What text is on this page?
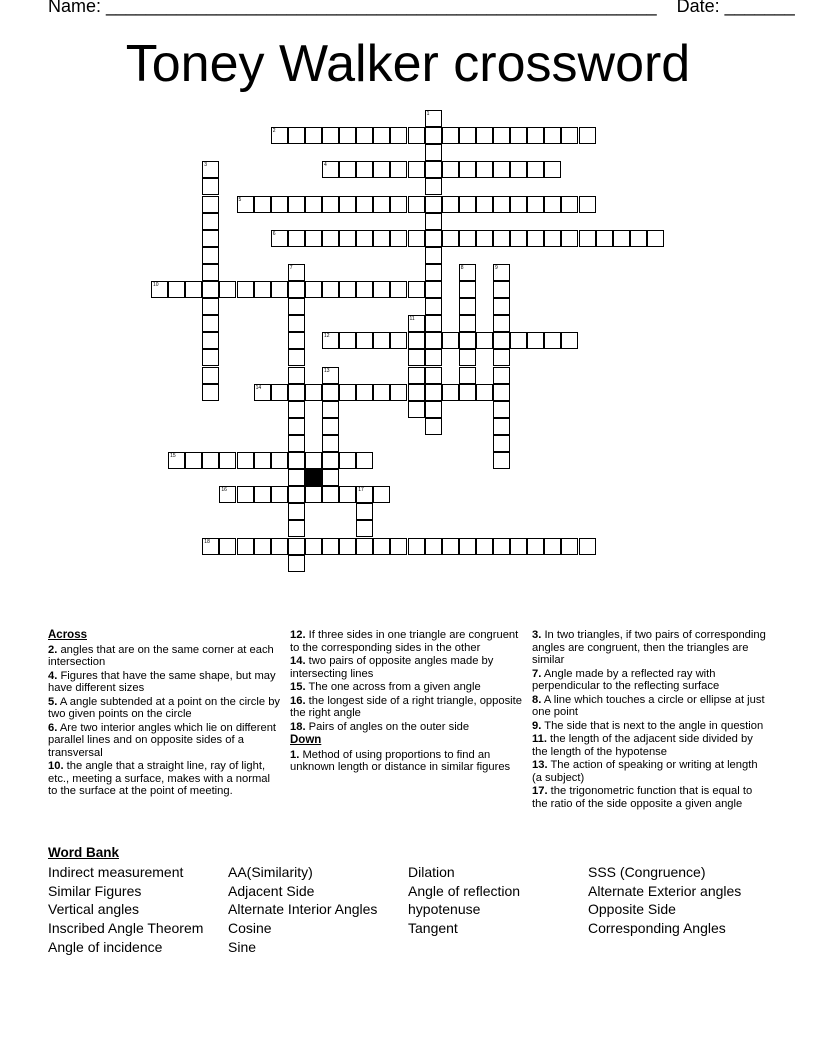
Name: _______________________________________________________    Date: _______
Toney Walker crossword
1
2
3	4
5
6
7	8	9
10
11
12
13
14
15
16	17
18
Across
2. angles that are on the same corner at each intersection
4. Figures that have the same shape, but may have different sizes
5. A angle subtended at a point on the circle by two given points on the circle
6. Are two interior angles which lie on different parallel lines and on opposite sides of a transversal
10. the angle that a straight line, ray of light, etc., meeting a surface, makes with a normal to the surface at the point of meeting.
12. If three sides in one triangle are congruent to the corresponding sides in the other
14. two pairs of opposite angles made by intersecting lines
15. The one across from a given angle
16. the longest side of a right triangle, opposite the right angle
18. Pairs of angles on the outer side
Down
1. Method of using proportions to find an unknown length or distance in similar figures
3. In two triangles, if two pairs of corresponding angles are congruent, then the triangles are similar
7. Angle made by a reflected ray with perpendicular to the reflecting surface
8. A line which touches a circle or ellipse at just one point
9. The side that is next to the angle in question
11. the length of the adjacent side divided by the length of the hypotense
13. The action of speaking or writing at length (a subject)
17. the trigonometric function that is equal to the ratio of the side opposite a given angle
Word Bank
Indirect measurement
Similar Figures
Vertical angles
Inscribed Angle Theorem
Angle of incidence
AA(Similarity)
Adjacent Side
Alternate Interior Angles
Cosine
Sine
Dilation
Angle of reflection
hypotenuse
Tangent
SSS (Congruence)
Alternate Exterior angles
Opposite Side
Corresponding Angles
